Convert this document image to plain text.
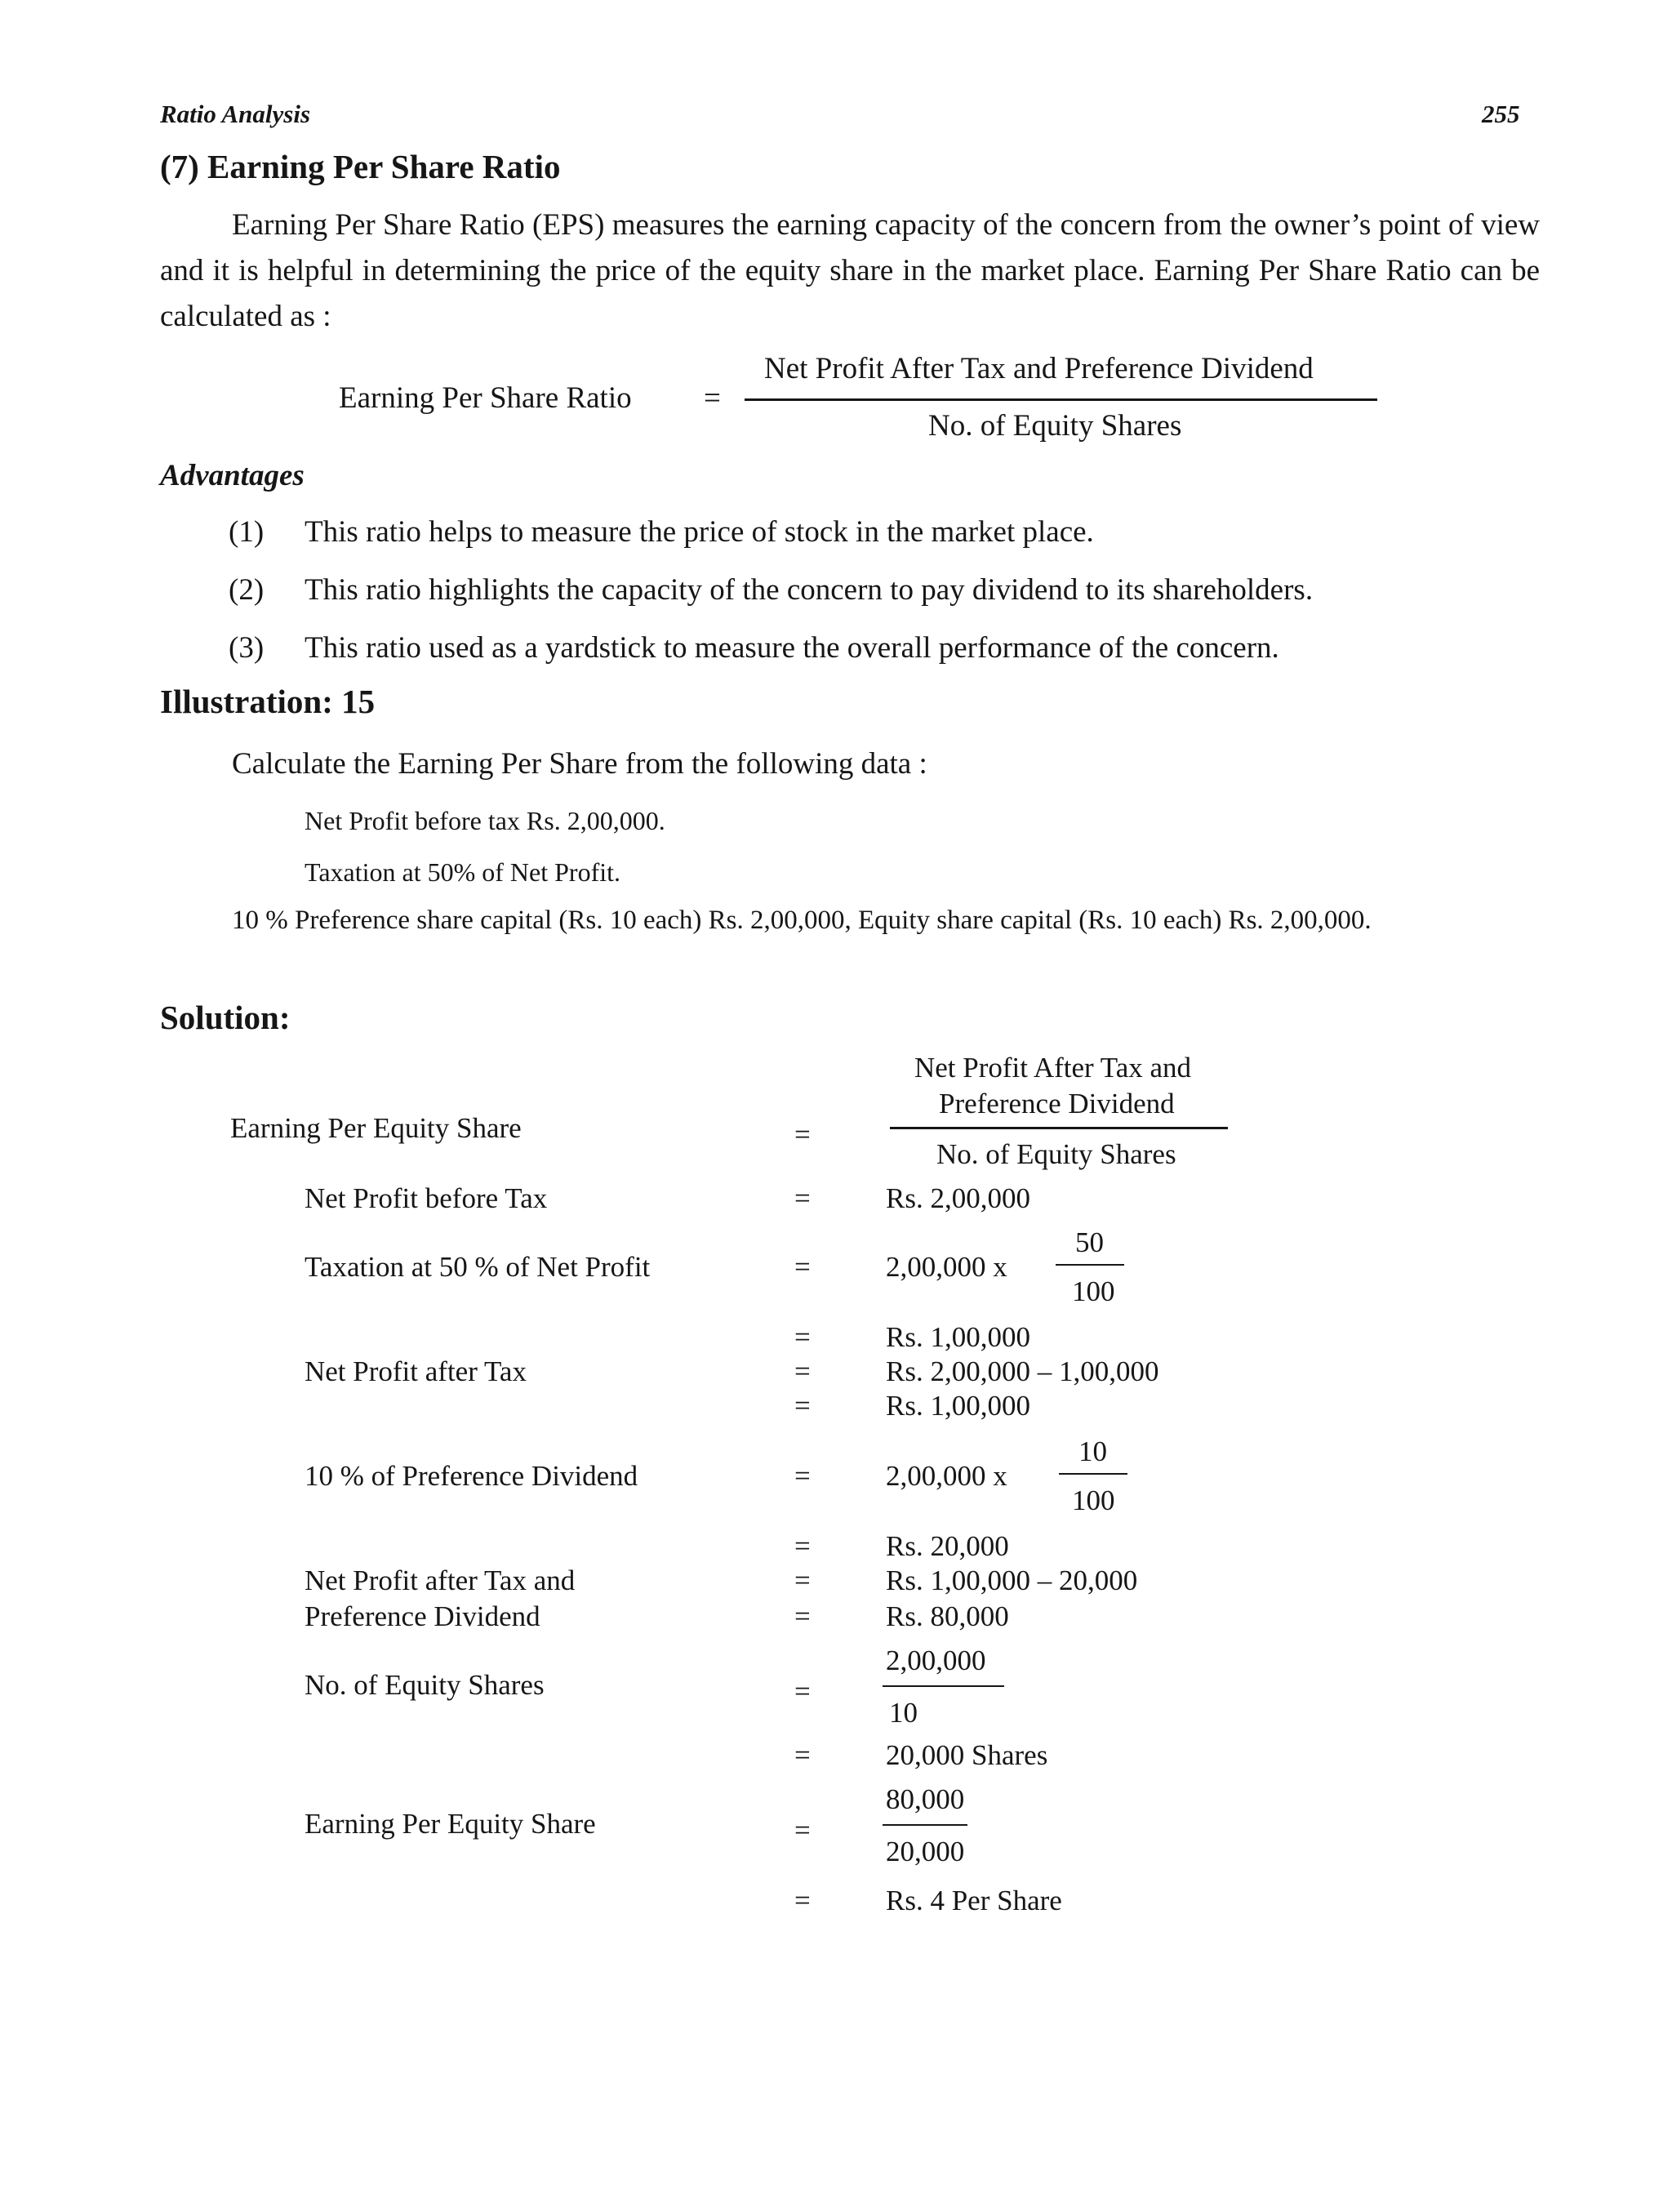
Ratio Analysis	255
(7) Earning Per Share Ratio
Earning Per Share Ratio (EPS) measures the earning capacity of the concern from the owner’s point of view and it is helpful in determining the price of the equity share in the market place. Earning Per Share Ratio can be calculated as :
Earning Per Share Ratio =
Net Profit After Tax and Preference Dividend
No. of Equity Shares
Advantages
(1) This ratio helps to measure the price of stock in the market place.
(2) This ratio highlights the capacity of the concern to pay dividend to its shareholders.
(3) This ratio used as a yardstick to measure the overall performance of the concern.
Illustration: 15
Calculate the Earning Per Share from the following data :
Net Profit before tax Rs. 2,00,000.
Taxation at 50% of Net Profit.
10 % Preference share capital (Rs. 10 each) Rs. 2,00,000, Equity share capital (Rs. 10 each) Rs. 2,00,000.
Solution:
Net Profit After Tax and
Preference Dividend
Earning Per Equity Share	=
No. of Equity Shares
Net Profit before Tax	=	Rs. 2,00,000
50
Taxation at 50 % of Net Profit	=	2,00,000 x
100
=	Rs. 1,00,000
Net Profit after Tax	=	Rs. 2,00,000 – 1,00,000
=	Rs. 1,00,000
10
10 % of Preference Dividend	=	2,00,000 x
100
=	Rs. 20,000
Net Profit after Tax and	=	Rs. 1,00,000 – 20,000
Preference Dividend	=	Rs. 80,000
2,00,000
No. of Equity Shares	=
10
=	20,000 Shares
80,000
Earning Per Equity Share	=
20,000
=	Rs. 4 Per Share
